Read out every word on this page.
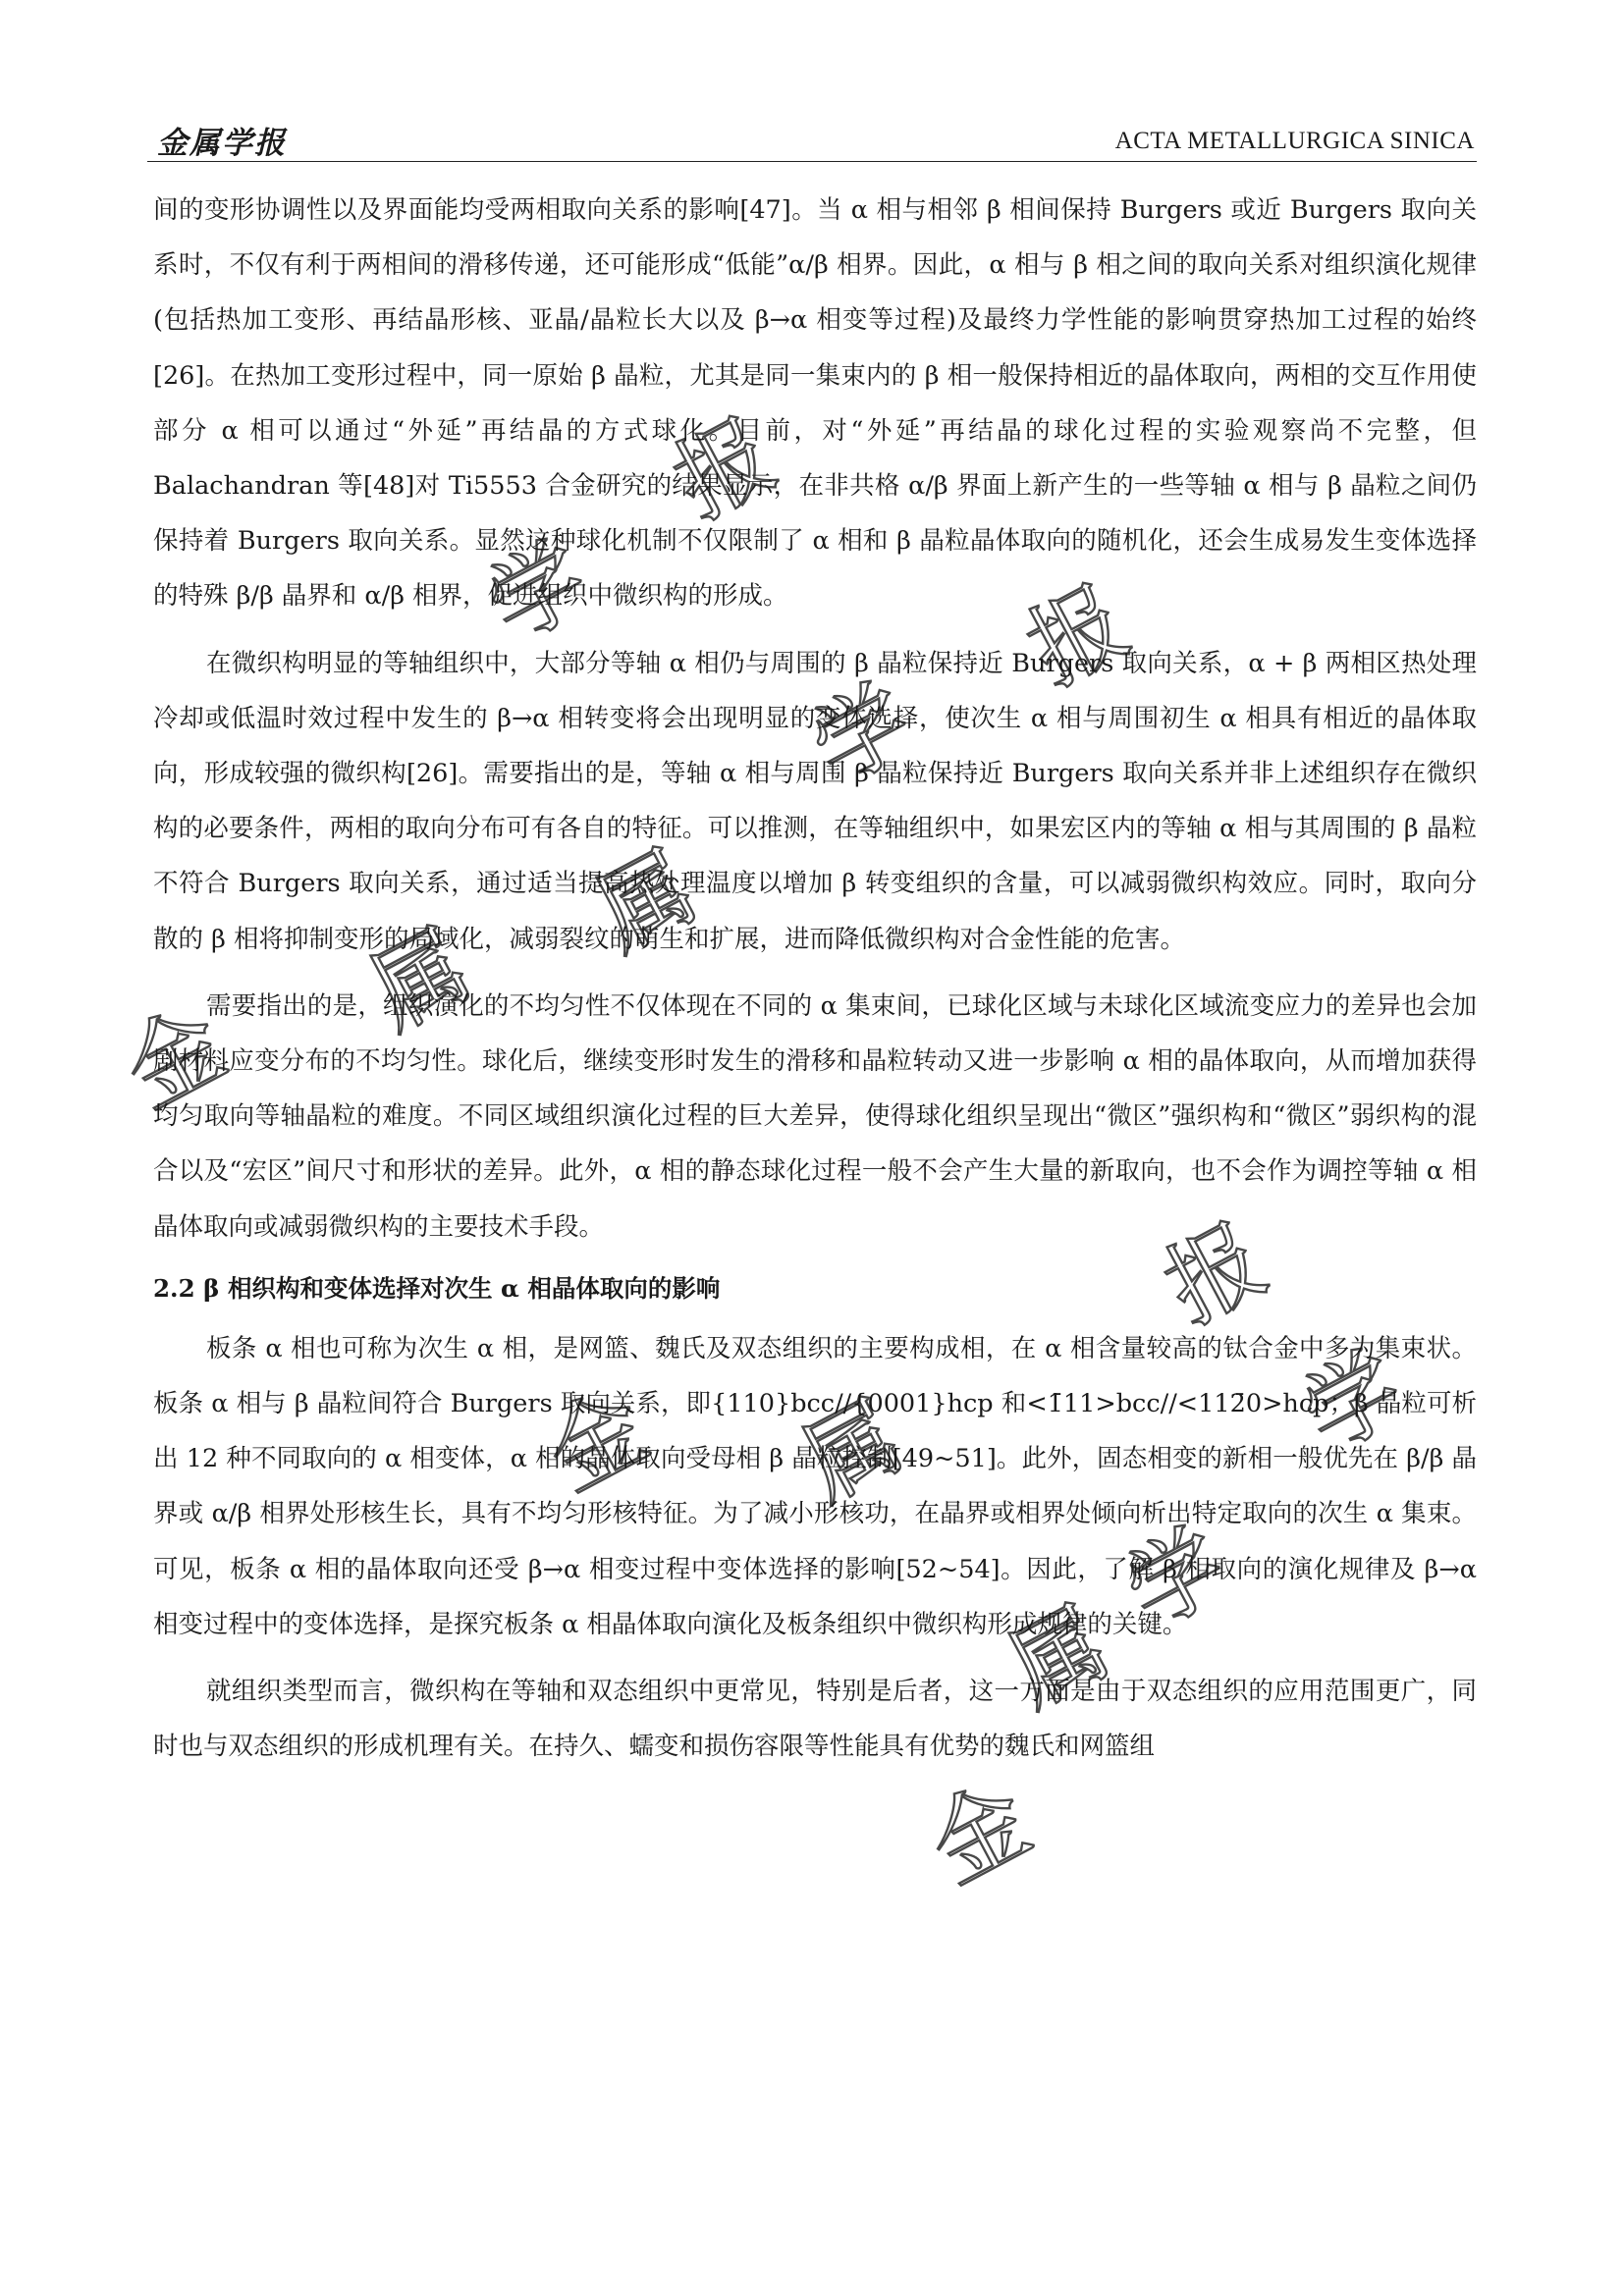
金属学报	ACTA METALLURGICA SINICA

间的变形协调性以及界面能均受两相取向关系的影响[47]。当 α 相与相邻 β 相间保持 Burgers 或近 Burgers 取向关系时，不仅有利于两相间的滑移传递，还可能形成“低能”α/β 相界。因此，α 相与 β 相之间的取向关系对组织演化规律(包括热加工变形、再结晶形核、亚晶/晶粒长大以及 β→α 相变等过程)及最终力学性能的影响贯穿热加工过程的始终[26]。在热加工变形过程中，同一原始 β 晶粒，尤其是同一集束内的 β 相一般保持相近的晶体取向，两相的交互作用使部分 α 相可以通过“外延”再结晶的方式球化。目前，对“外延”再结晶的球化过程的实验观察尚不完整，但 Balachandran 等[48]对 Ti5553 合金研究的结果显示，在非共格 α/β 界面上新产生的一些等轴 α 相与 β 晶粒之间仍保持着 Burgers 取向关系。显然这种球化机制不仅限制了 α 相和 β 晶粒晶体取向的随机化，还会生成易发生变体选择的特殊 β/β 晶界和 α/β 相界，促进组织中微织构的形成。

在微织构明显的等轴组织中，大部分等轴 α 相仍与周围的 β 晶粒保持近 Burgers 取向关系，α + β 两相区热处理冷却或低温时效过程中发生的 β→α 相转变将会出现明显的变体选择，使次生 α 相与周围初生 α 相具有相近的晶体取向，形成较强的微织构[26]。需要指出的是，等轴 α 相与周围 β 晶粒保持近 Burgers 取向关系并非上述组织存在微织构的必要条件，两相的取向分布可有各自的特征。可以推测，在等轴组织中，如果宏区内的等轴 α 相与其周围的 β 晶粒不符合 Burgers 取向关系，通过适当提高热处理温度以增加 β 转变组织的含量，可以减弱微织构效应。同时，取向分散的 β 相将抑制变形的局域化，减弱裂纹的萌生和扩展，进而降低微织构对合金性能的危害。

需要指出的是，组织演化的不均匀性不仅体现在不同的 α 集束间，已球化区域与未球化区域流变应力的差异也会加剧材料应变分布的不均匀性。球化后，继续变形时发生的滑移和晶粒转动又进一步影响 α 相的晶体取向，从而增加获得均匀取向等轴晶粒的难度。不同区域组织演化过程的巨大差异，使得球化组织呈现出“微区”强织构和“微区”弱织构的混合以及“宏区”间尺寸和形状的差异。此外，α 相的静态球化过程一般不会产生大量的新取向，也不会作为调控等轴 α 相晶体取向或减弱微织构的主要技术手段。

2.2 β 相织构和变体选择对次生 α 相晶体取向的影响

板条 α 相也可称为次生 α 相，是网篮、魏氏及双态组织的主要构成相，在 α 相含量较高的钛合金中多为集束状。板条 α 相与 β 晶粒间符合 Burgers 取向关系，即{110}bcc//{0001}hcp 和<1̄11>bcc//<112̄0>hcp；β 晶粒可析出 12 种不同取向的 α 相变体，α 相的晶体取向受母相 β 晶粒控制[49~51]。此外，固态相变的新相一般优先在 β/β 晶界或 α/β 相界处形核生长，具有不均匀形核特征。为了减小形核功，在晶界或相界处倾向析出特定取向的次生 α 集束。可见，板条 α 相的晶体取向还受 β→α 相变过程中变体选择的影响[52~54]。因此，了解 β 相取向的演化规律及 β→α 相变过程中的变体选择，是探究板条 α 相晶体取向演化及板条组织中微织构形成规律的关键。

就组织类型而言，微织构在等轴和双态组织中更常见，特别是后者，这一方面是由于双态组织的应用范围更广，同时也与双态组织的形成机理有关。在持久、蠕变和损伤容限等性能具有优势的魏氏和网篮组

报
学	报
学
金
属
属
报
属	学
金
学
属
金
